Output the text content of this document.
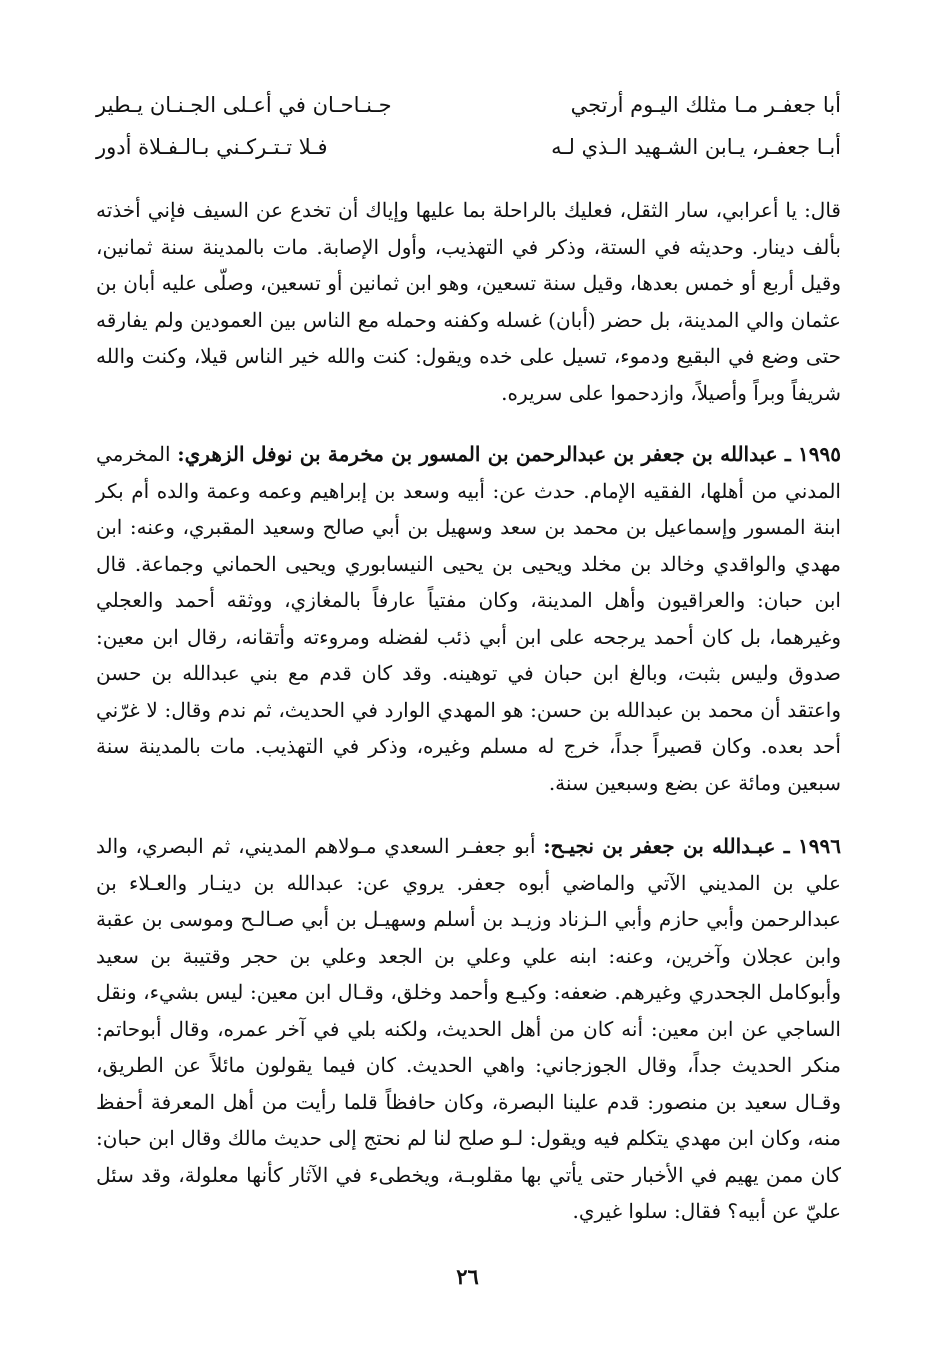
أبا جعفـر مـا مثلك اليـوم أرتجي
جـنـاحـان في أعـلى الجـنـان يـطير
أبـا جعفـر، يـابن الشـهيد الـذي لـه
فـلا تـتـركـني بـالـفـلاة أدور

قال: يا أعرابي، سار الثقل، فعليك بالراحلة بما عليها وإياك أن تخدع عن السيف فإني أخذته بألف دينار. وحديثه في الستة، وذكر في التهذيب، وأول الإصابة. مات بالمدينة سنة ثمانين، وقيل أربع أو خمس بعدها، وقيل سنة تسعين، وهو ابن ثمانين أو تسعين، وصلّى عليه أبان بن عثمان والي المدينة، بل حضر (أبان) غسله وكفنه وحمله مع الناس بين العمودين ولم يفارقه حتى وضع في البقيع ودموء، تسيل على خده ويقول: كنت والله خير الناس قيلا، وكنت والله شريفاً وبراً وأصيلاً، وازدحموا على سريره.

١٩٩٥ ـ عبدالله بن جعفر بن عبدالرحمن بن المسور بن مخرمة بن نوفل الزهري: المخرمي المدني من أهلها، الفقيه الإمام. حدث عن: أبيه وسعد بن إبراهيم وعمه وعمة والده أم بكر ابنة المسور وإسماعيل بن محمد بن سعد وسهيل بن أبي صالح وسعيد المقبري، وعنه: ابن مهدي والواقدي وخالد بن مخلد ويحيى بن يحيى النيسابوري ويحيى الحماني وجماعة. قال ابن حبان: والعراقيون وأهل المدينة، وكان مفتياً عارفاً بالمغازي، ووثقه أحمد والعجلي وغيرهما، بل كان أحمد يرجحه على ابن أبي ذئب لفضله ومروءته وأتقانه، رقال ابن معين: صدوق وليس بثبت، وبالغ ابن حبان في توهينه. وقد كان قدم مع بني عبدالله بن حسن واعتقد أن محمد بن عبدالله بن حسن: هو المهدي الوارد في الحديث، ثم ندم وقال: لا غرّني أحد بعده. وكان قصيراً جداً، خرج له مسلم وغيره، وذكر في التهذيب. مات بالمدينة سنة سبعين ومائة عن بضع وسبعين سنة.

١٩٩٦ ـ عبـدالله بن جعفر بن نجيـح: أبو جعفـر السعدي مـولاهم المديني، ثم البصري، والد علي بن المديني الآتي والماضي أبوه جعفر. يروي عن: عبدالله بن دينـار والعـلاء بن عبدالرحمن وأبي حازم وأبي الـزناد وزيـد بن أسلم وسهيـل بن أبي صـالـح وموسى بن عقبة وابن عجلان وآخرين، وعنه: ابنه علي وعلي بن الجعد وعلي بن حجر وقتيبة بن سعيد وأبوكامل الجحدري وغيرهم. ضعفه: وكيـع وأحمد وخلق، وقـال ابن معين: ليس بشيء، ونقل الساجي عن ابن معين: أنه كان من أهل الحديث، ولكنه بلي في آخر عمره، وقال أبوحاتم: منكر الحديث جداً، وقال الجوزجاني: واهي الحديث. كان فيما يقولون مائلاً عن الطريق، وقـال سعيد بن منصور: قدم علينا البصرة، وكان حافظاً قلما رأيت من أهل المعرفة أحفظ منه، وكان ابن مهدي يتكلم فيه ويقول: لـو صلح لنا لم نحتج إلى حديث مالك وقال ابن حبان: كان ممن يهيم في الأخبار حتى يأتي بها مقلوبـة، ويخطىء في الآثار كأنها معلولة، وقد سئل عليّ عن أبيه؟ فقال: سلوا غيري.

٢٦
